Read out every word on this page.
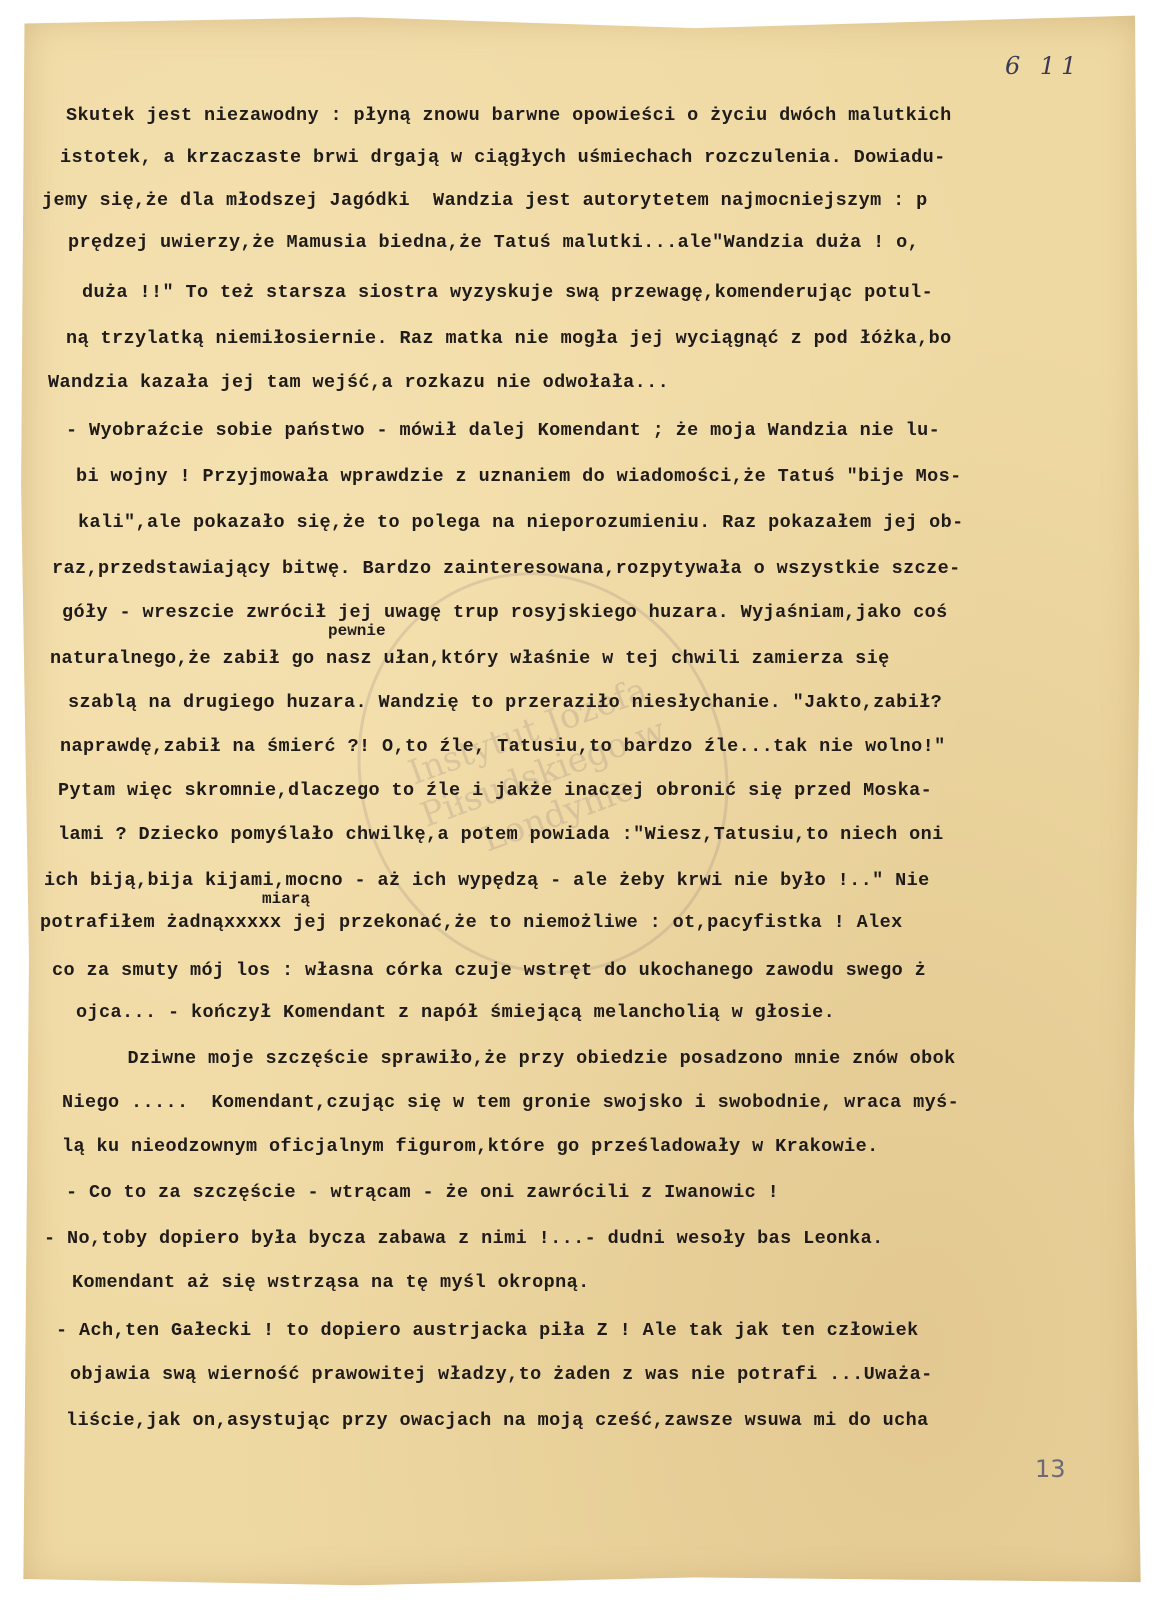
6 11
Skutek jest niezawodny : płyną znowu barwne opowieści o życiu dwóch malutkich
istotek, a krzaczaste brwi drgają w ciągłych uśmiechach rozczulenia. Dowiadu-
jemy się,że dla młodszej Jagódki  Wandzia jest autorytetem najmocniejszym : p
prędzej uwierzy,że Mamusia biedna,że Tatuś malutki...ale"Wandzia duża ! o,
duża !!" To też starsza siostra wyzyskuje swą przewagę,komenderując potul-
ną trzylatką niemiłosiernie. Raz matka nie mogła jej wyciągnąć z pod łóżka,bo
Wandzia kazała jej tam wejść,a rozkazu nie odwołała...
- Wyobraźcie sobie państwo - mówił dalej Komendant ; że moja Wandzia nie lu-
bi wojny ! Przyjmowała wprawdzie z uznaniem do wiadomości,że Tatuś "bije Mos-
kali",ale pokazało się,że to polega na nieporozumieniu. Raz pokazałem jej ob-
raz,przedstawiający bitwę. Bardzo zainteresowana,rozpytywała o wszystkie szcze-
góły - wreszcie zwrócił jej uwagę trup rosyjskiego huzara. Wyjaśniam,jako coś
pewnie
naturalnego,że zabił go nasz ułan,który właśnie w tej chwili zamierza się
szablą na drugiego huzara. Wandzię to przeraziło niesłychanie. "Jakto,zabił?
naprawdę,zabił na śmierć ?! O,to źle, Tatusiu,to bardzo źle...tak nie wolno!"
Pytam więc skromnie,dlaczego to źle i jakże inaczej obronić się przed Moska-
lami ? Dziecko pomyślało chwilkę,a potem powiada :"Wiesz,Tatusiu,to niech oni
ich biją,bija kijami,mocno - aż ich wypędzą - ale żeby krwi nie było !.." Nie
miarą
potrafiłem żadnąxxxxx jej przekonać,że to niemożliwe : ot,pacyfistka ! Alex
co za smuty mój los : własna córka czuje wstręt do ukochanego zawodu swego ż
ojca... - kończył Komendant z napół śmiejącą melancholią w głosie.
Dziwne moje szczęście sprawiło,że przy obiedzie posadzono mnie znów obok
Niego .....  Komendant,czując się w tem gronie swojsko i swobodnie, wraca myś-
lą ku nieodzownym oficjalnym figurom,które go prześladowały w Krakowie.
- Co to za szczęście - wtrącam - że oni zawrócili z Iwanowic !
- No,toby dopiero była bycza zabawa z nimi !...- dudni wesoły bas Leonka.
Komendant aż się wstrząsa na tę myśl okropną.
- Ach,ten Gałecki ! to dopiero austrjacka piła Z ! Ale tak jak ten człowiek
objawia swą wierność prawowitej władzy,to żaden z was nie potrafi ...Uważa-
liście,jak on,asystując przy owacjach na moją cześć,zawsze wsuwa mi do ucha
13
